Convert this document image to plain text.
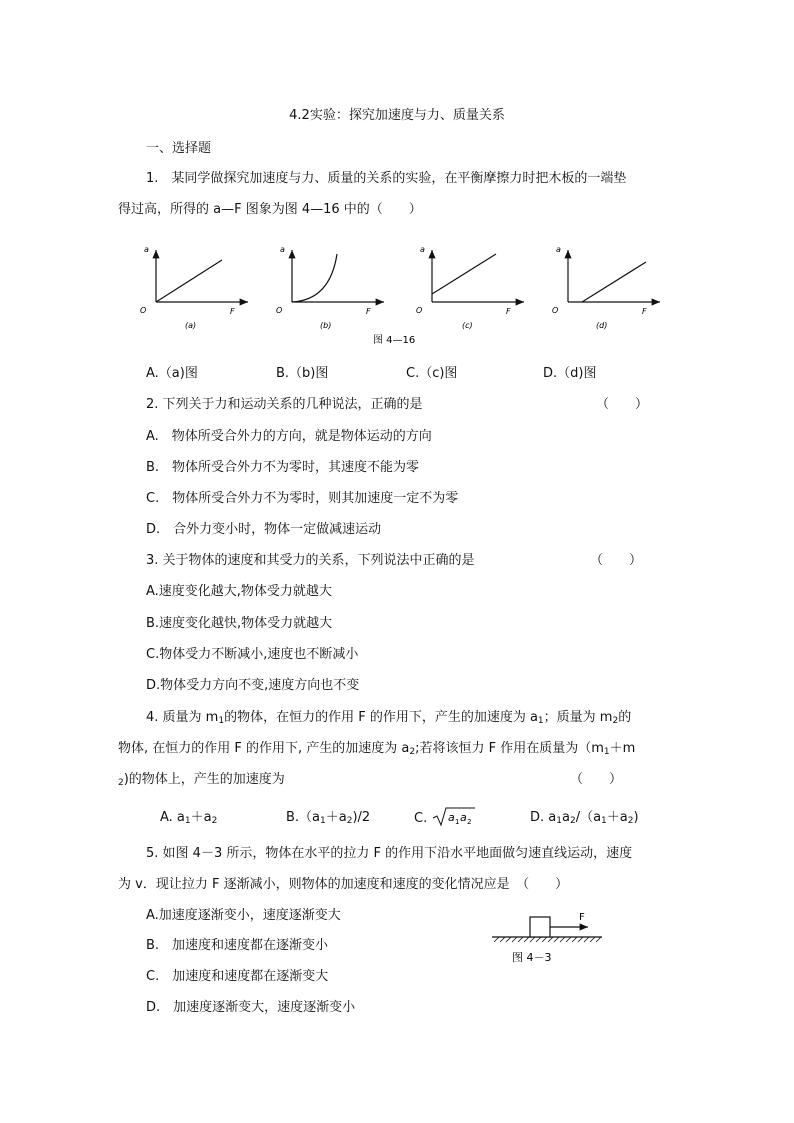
4.2实验：探究加速度与力、质量关系
一、选择题
1.　某同学做探究加速度与力、质量的关系的实验，在平衡摩擦力时把木板的一端垫
得过高，所得的 a—F 图象为图 4—16 中的（　　）
a
O	F
(a)
a
O	F
(b)
a
O	F
(c)
a
O	F
(d)
图 4—16
A.（a)图	B.（b)图	C.（c)图	D.（d)图
2. 下列关于力和运动关系的几种说法，正确的是	（　　）
A.　物体所受合外力的方向，就是物体运动的方向
B.　物体所受合外力不为零时，其速度不能为零
C.　物体所受合外力不为零时，则其加速度一定不为零
D.　合外力变小时，物体一定做减速运动
3. 关于物体的速度和其受力的关系，下列说法中正确的是	（　　）
A.速度变化越大,物体受力就越大
B.速度变化越快,物体受力就越大
C.物体受力不断减小,速度也不断减小
D.物体受力方向不变,速度方向也不变
4. 质量为 $m_1$的物体，在恒力的作用 F 的作用下，产生的加速度为 $a_1$；质量为 $m_2$的
物体, 在恒力的作用 F 的作用下, 产生的加速度为 $a_2$;若将该恒力 F 作用在质量为（$m_1+m$
$_2$)的物体上，产生的加速度为	（　　）
A. $a_1+a_2$	$B.(a_1+a_2)/2$	C. a 1 a 2	D. $a_1a_2/(a_1+a_2)$
5. 如图 4－3 所示，物体在水平的拉力 F 的作用下沿水平地面做匀速直线运动，速度
为 v．现让拉力 F 逐渐减小，则物体的加速度和速度的变化情况应是　（　　）
A.加速度逐渐变小，速度逐渐变大
B.　加速度和速度都在逐渐变小
C.　加速度和速度都在逐渐变大
D.　加速度逐渐变大，速度逐渐变小
F
图 4－3
